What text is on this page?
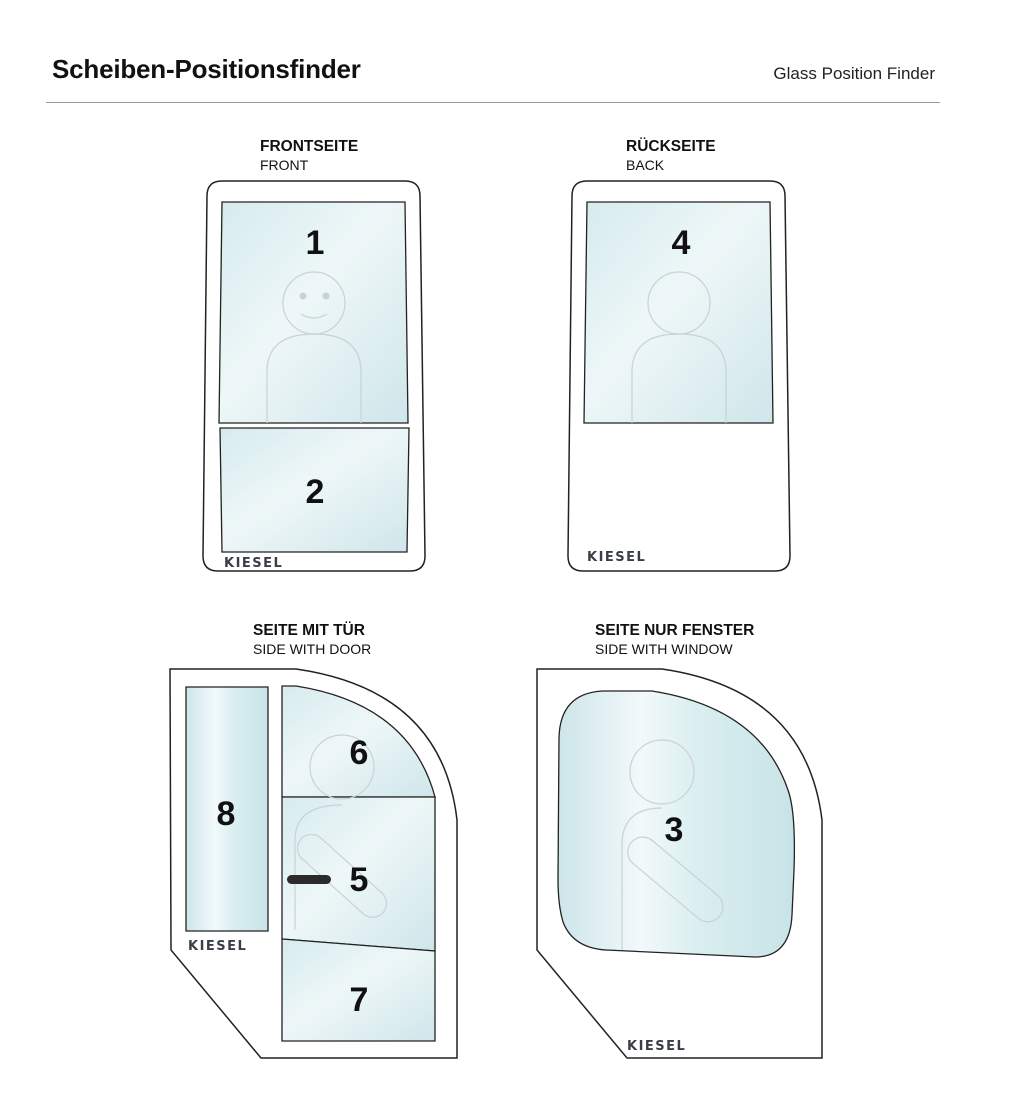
Scheiben-Positionsfinder	Glass Position Finder
FRONTSEITE
FRONT
RÜCKSEITE
BACK
SEITE MIT TÜR
SIDE WITH DOOR
SEITE NUR FENSTER
SIDE WITH WINDOW
1
2
KIESEL
4
KIESEL
8
6
5
7
KIESEL
3
KIESEL
